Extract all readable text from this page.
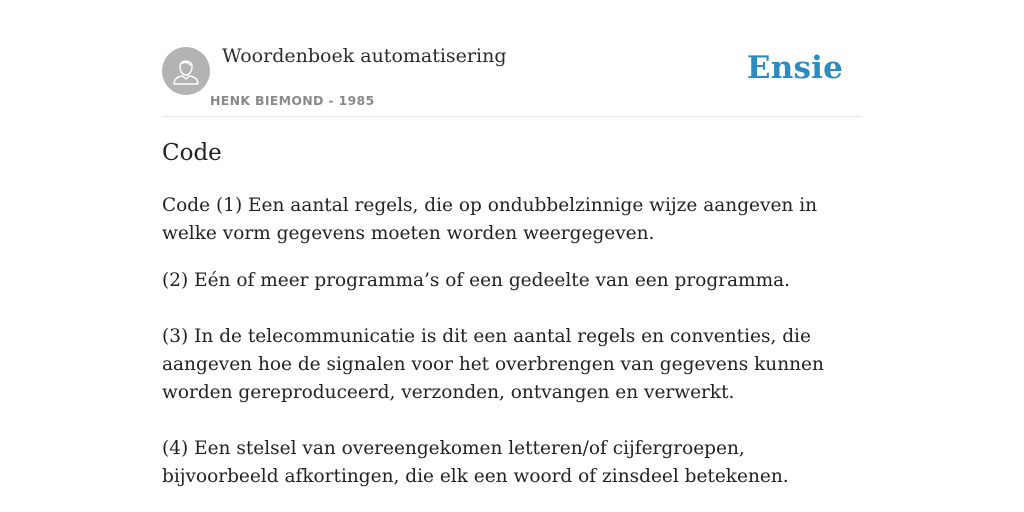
Woordenboek automatisering
HENK BIEMOND - 1985
Ensie
Code

Code (1) Een aantal regels, die op ondubbelzinnige wijze aangeven in welke vorm gegevens moeten worden weergegeven.

(2) Eén of meer programma’s of een gedeelte van een programma.

(3) In de telecommunicatie is dit een aantal regels en conventies, die aangeven hoe de signalen voor het overbrengen van gegevens kunnen worden gereproduceerd, verzonden, ontvangen en verwerkt.

(4) Een stelsel van overeengekomen letteren/of cijfergroepen, bijvoorbeeld afkortingen, die elk een woord of zinsdeel betekenen.
